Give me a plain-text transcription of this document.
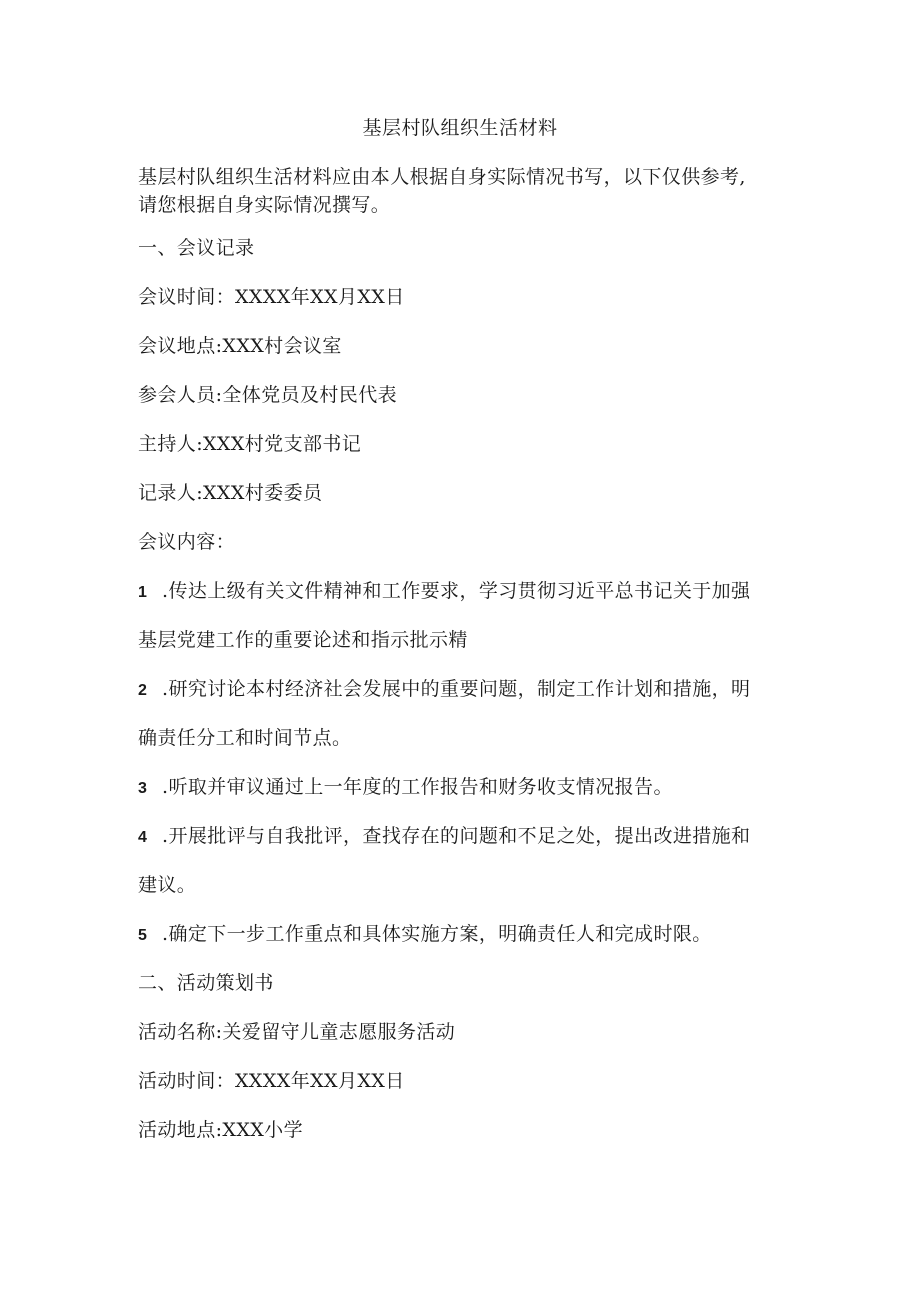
基层村队组织生活材料
基层村队组织生活材料应由本人根据自身实际情况书写，以下仅供参考,
请您根据自身实际情况撰写。
一、会议记录
会议时间：XXXX年XX月XX日
会议地点:XXX村会议室
参会人员:全体党员及村民代表
主持人:XXX村党支部书记
记录人:XXX村委委员
会议内容：
1 .传达上级有关文件精神和工作要求，学习贯彻习近平总书记关于加强
基层党建工作的重要论述和指示批示精
2 .研究讨论本村经济社会发展中的重要问题，制定工作计划和措施，明
确责任分工和时间节点。
3 .听取并审议通过上一年度的工作报告和财务收支情况报告。
4 .开展批评与自我批评，查找存在的问题和不足之处，提出改进措施和
建议。
5 .确定下一步工作重点和具体实施方案，明确责任人和完成时限。
二、活动策划书
活动名称:关爱留守儿童志愿服务活动
活动时间：XXXX年XX月XX日
活动地点:XXX小学
